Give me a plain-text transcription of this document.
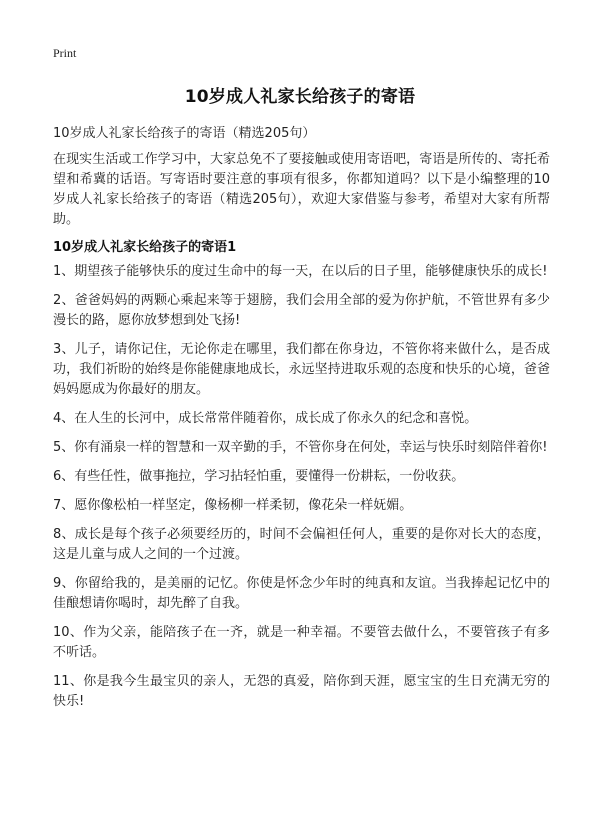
Print
10岁成人礼家长给孩子的寄语

10岁成人礼家长给孩子的寄语（精选205句）

在现实生活或工作学习中，大家总免不了要接触或使用寄语吧，寄语是所传的、寄托希望和希冀的话语。写寄语时要注意的事项有很多，你都知道吗？以下是小编整理的10岁成人礼家长给孩子的寄语（精选205句），欢迎大家借鉴与参考，希望对大家有所帮助。

10岁成人礼家长给孩子的寄语1
1、期望孩子能够快乐的度过生命中的每一天，在以后的日子里，能够健康快乐的成长!
2、爸爸妈妈的两颗心乘起来等于翅膀，我们会用全部的爱为你护航，不管世界有多少漫长的路，愿你放梦想到处飞扬!
3、儿子，请你记住，无论你走在哪里，我们都在你身边，不管你将来做什么，是否成功，我们祈盼的始终是你能健康地成长，永远坚持进取乐观的态度和快乐的心境，爸爸妈妈愿成为你最好的朋友。
4、在人生的长河中，成长常常伴随着你，成长成了你永久的纪念和喜悦。
5、你有涌泉一样的智慧和一双辛勤的手，不管你身在何处，幸运与快乐时刻陪伴着你!
6、有些任性，做事拖拉，学习拈轻怕重，要懂得一份耕耘，一份收获。
7、愿你像松柏一样坚定，像杨柳一样柔韧，像花朵一样妩媚。
8、成长是每个孩子必须要经历的，时间不会偏袒任何人，重要的是你对长大的态度，这是儿童与成人之间的一个过渡。
9、你留给我的，是美丽的记忆。你使是怀念少年时的纯真和友谊。当我捧起记忆中的佳酿想请你喝时，却先醉了自我。
10、作为父亲，能陪孩子在一齐，就是一种幸福。不要管去做什么，不要管孩子有多不听话。
11、你是我今生最宝贝的亲人，无怨的真爱，陪你到天涯，愿宝宝的生日充满无穷的快乐!
